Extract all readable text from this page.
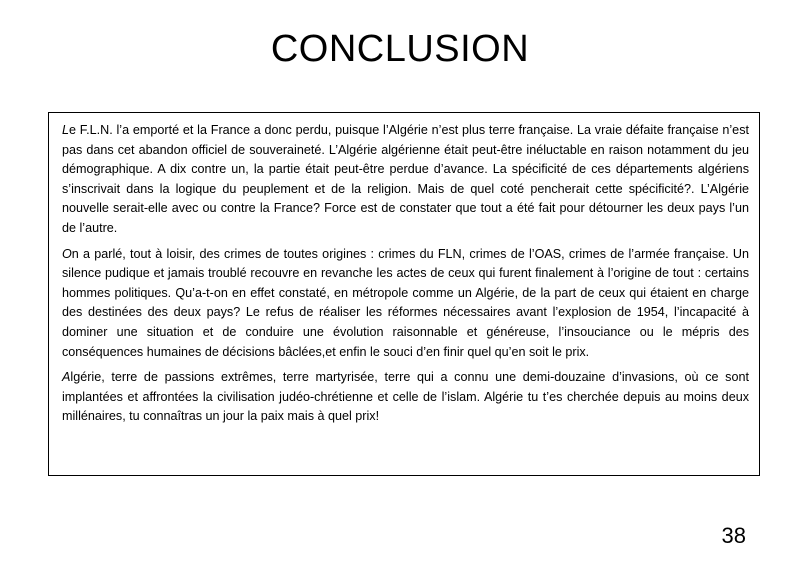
CONCLUSION

Le F.L.N. l’a emporté et la France a donc perdu, puisque l’Algérie n’est plus terre française. La vraie défaite française n’est pas dans cet abandon officiel de souveraineté. L’Algérie algérienne était peut-être inéluctable en raison notamment du jeu démographique. A dix contre un, la partie était peut-être perdue d’avance. La spécificité de ces départements algériens s’inscrivait dans la logique du peuplement et de la religion. Mais de quel coté pencherait cette spécificité?. L’Algérie nouvelle serait-elle avec ou contre la France? Force est de constater que tout a été fait pour détourner les deux pays l’un de l’autre.

On a parlé, tout à loisir, des crimes de toutes origines : crimes du FLN, crimes de l’OAS, crimes de l’armée française. Un silence pudique et jamais troublé recouvre en revanche les actes de ceux qui furent finalement à l’origine de tout : certains hommes politiques. Qu’a-t-on en effet constaté, en métropole comme un Algérie, de la part de ceux qui étaient en charge des destinées des deux pays? Le refus de réaliser les réformes nécessaires avant l’explosion de 1954, l’incapacité à dominer une situation et de conduire une évolution raisonnable et généreuse, l’insouciance ou le mépris des conséquences humaines de décisions bâclées,et enfin le souci d’en finir quel qu’en soit le prix.

Algérie, terre de passions extrêmes, terre martyrisée, terre qui a connu une demi-douzaine d’invasions, où ce sont implantées et affrontées la civilisation judéo-chrétienne et celle de l’islam. Algérie tu t’es cherchée depuis au moins deux millénaires, tu connaîtras un jour la paix mais à quel prix!

38
